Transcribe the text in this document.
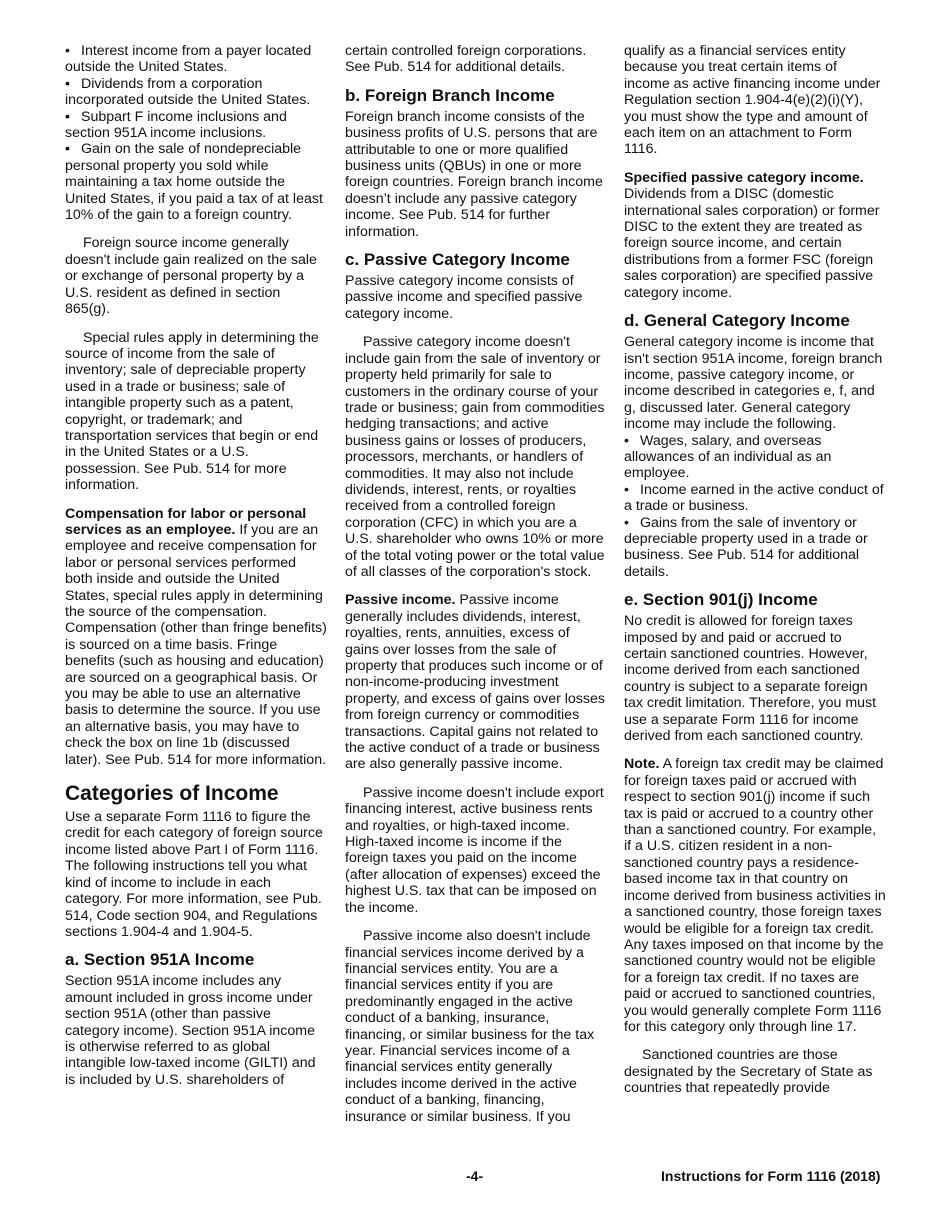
• Interest income from a payer located outside the United States.
• Dividends from a corporation incorporated outside the United States.
• Subpart F income inclusions and section 951A income inclusions.
• Gain on the sale of nondepreciable personal property you sold while maintaining a tax home outside the United States, if you paid a tax of at least 10% of the gain to a foreign country.

Foreign source income generally doesn't include gain realized on the sale or exchange of personal property by a U.S. resident as defined in section 865(g).

Special rules apply in determining the source of income from the sale of inventory; sale of depreciable property used in a trade or business; sale of intangible property such as a patent, copyright, or trademark; and transportation services that begin or end in the United States or a U.S. possession. See Pub. 514 for more information.

Compensation for labor or personal services as an employee. If you are an employee and receive compensation for labor or personal services performed both inside and outside the United States, special rules apply in determining the source of the compensation. Compensation (other than fringe benefits) is sourced on a time basis. Fringe benefits (such as housing and education) are sourced on a geographical basis. Or you may be able to use an alternative basis to determine the source. If you use an alternative basis, you may have to check the box on line 1b (discussed later). See Pub. 514 for more information.

Categories of Income

Use a separate Form 1116 to figure the credit for each category of foreign source income listed above Part I of Form 1116. The following instructions tell you what kind of income to include in each category. For more information, see Pub. 514, Code section 904, and Regulations sections 1.904-4 and 1.904-5.

a. Section 951A Income

Section 951A income includes any amount included in gross income under section 951A (other than passive category income). Section 951A income is otherwise referred to as global intangible low-taxed income (GILTI) and is included by U.S. shareholders of

certain controlled foreign corporations. See Pub. 514 for additional details.

b. Foreign Branch Income

Foreign branch income consists of the business profits of U.S. persons that are attributable to one or more qualified business units (QBUs) in one or more foreign countries. Foreign branch income doesn’t include any passive category income. See Pub. 514 for further information.

c. Passive Category Income

Passive category income consists of passive income and specified passive category income.

Passive category income doesn't include gain from the sale of inventory or property held primarily for sale to customers in the ordinary course of your trade or business; gain from commodities hedging transactions; and active business gains or losses of producers, processors, merchants, or handlers of commodities. It may also not include dividends, interest, rents, or royalties received from a controlled foreign corporation (CFC) in which you are a U.S. shareholder who owns 10% or more of the total voting power or the total value of all classes of the corporation's stock.

Passive income. Passive income generally includes dividends, interest, royalties, rents, annuities, excess of gains over losses from the sale of property that produces such income or of non-income-producing investment property, and excess of gains over losses from foreign currency or commodities transactions. Capital gains not related to the active conduct of a trade or business are also generally passive income.

Passive income doesn't include export financing interest, active business rents and royalties, or high-taxed income. High-taxed income is income if the foreign taxes you paid on the income (after allocation of expenses) exceed the highest U.S. tax that can be imposed on the income.

Passive income also doesn't include financial services income derived by a financial services entity. You are a financial services entity if you are predominantly engaged in the active conduct of a banking, insurance, financing, or similar business for the tax year. Financial services income of a financial services entity generally includes income derived in the active conduct of a banking, financing, insurance or similar business. If you

qualify as a financial services entity because you treat certain items of income as active financing income under Regulation section 1.904-4(e)(2)(i)(Y), you must show the type and amount of each item on an attachment to Form 1116.

Specified passive category income. Dividends from a DISC (domestic international sales corporation) or former DISC to the extent they are treated as foreign source income, and certain distributions from a former FSC (foreign sales corporation) are specified passive category income.

d. General Category Income

General category income is income that isn't section 951A income, foreign branch income, passive category income, or income described in categories e, f, and g, discussed later. General category income may include the following.

• Wages, salary, and overseas allowances of an individual as an employee.
• Income earned in the active conduct of a trade or business.
• Gains from the sale of inventory or depreciable property used in a trade or business. See Pub. 514 for additional details.
e. Section 901(j) Income

No credit is allowed for foreign taxes imposed by and paid or accrued to certain sanctioned countries. However, income derived from each sanctioned country is subject to a separate foreign tax credit limitation. Therefore, you must use a separate Form 1116 for income derived from each sanctioned country.

Note. A foreign tax credit may be claimed for foreign taxes paid or accrued with respect to section 901(j) income if such tax is paid or accrued to a country other than a sanctioned country. For example, if a U.S. citizen resident in a non-sanctioned country pays a residence-based income tax in that country on income derived from business activities in a sanctioned country, those foreign taxes would be eligible for a foreign tax credit. Any taxes imposed on that income by the sanctioned country would not be eligible for a foreign tax credit. If no taxes are paid or accrued to sanctioned countries, you would generally complete Form 1116 for this category only through line 17.

Sanctioned countries are those designated by the Secretary of State as countries that repeatedly provide

-4-	Instructions for Form 1116 (2018)
